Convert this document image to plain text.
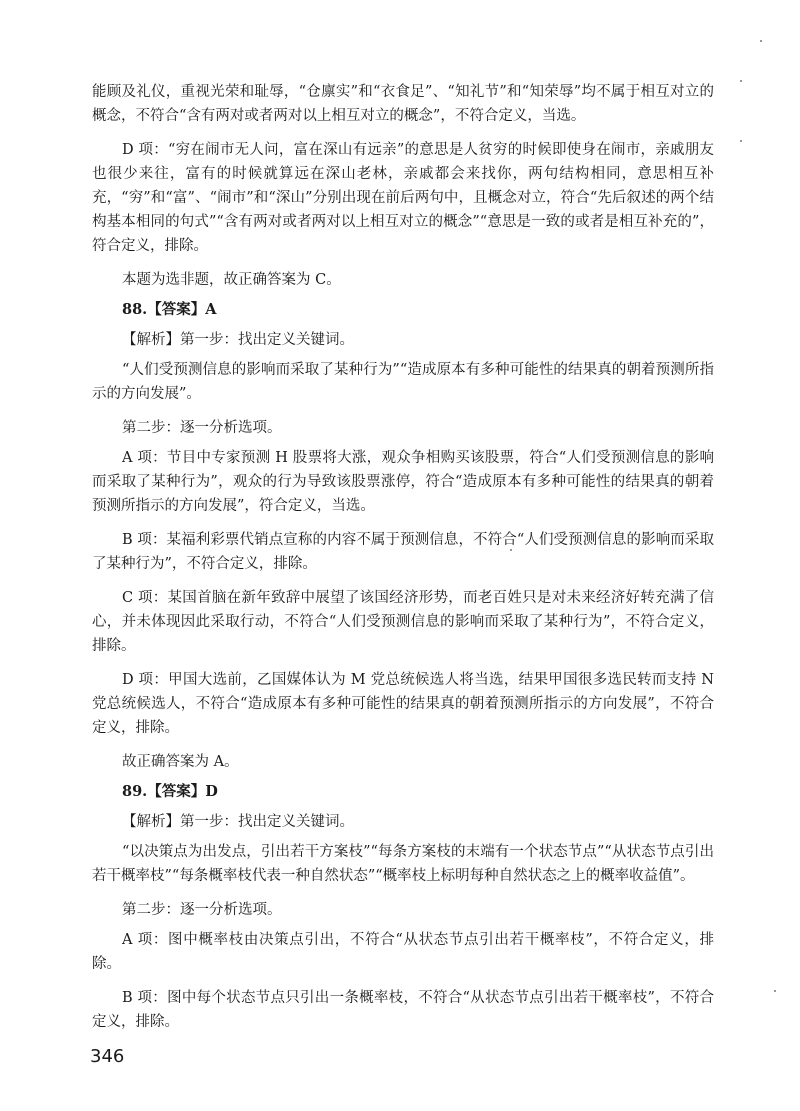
能顾及礼仪，重视光荣和耻辱，“仓廪实”和“衣食足”、“知礼节”和“知荣辱”均不属于相互对立的概念，不符合“含有两对或者两对以上相互对立的概念”，不符合定义，当选。

D 项：“穷在闹市无人问，富在深山有远亲”的意思是人贫穷的时候即使身在闹市，亲戚朋友也很少来往，富有的时候就算远在深山老林，亲戚都会来找你，两句结构相同，意思相互补充，“穷”和“富”、“闹市”和“深山”分别出现在前后两句中，且概念对立，符合“先后叙述的两个结构基本相同的句式”“含有两对或者两对以上相互对立的概念”“意思是一致的或者是相互补充的”，符合定义，排除。

本题为选非题，故正确答案为 C。

88.【答案】A

【解析】第一步：找出定义关键词。

“人们受预测信息的影响而采取了某种行为”“造成原本有多种可能性的结果真的朝着预测所指示的方向发展”。

第二步：逐一分析选项。

A 项：节目中专家预测 H 股票将大涨，观众争相购买该股票，符合“人们受预测信息的影响而采取了某种行为”，观众的行为导致该股票涨停，符合“造成原本有多种可能性的结果真的朝着预测所指示的方向发展”，符合定义，当选。

B 项：某福利彩票代销点宣称的内容不属于预测信息，不符合“人们受预测信息的影响而采取了某种行为”，不符合定义，排除。

C 项：某国首脑在新年致辞中展望了该国经济形势，而老百姓只是对未来经济好转充满了信心，并未体现因此采取行动，不符合“人们受预测信息的影响而采取了某种行为”，不符合定义，排除。

D 项：甲国大选前，乙国媒体认为 M 党总统候选人将当选，结果甲国很多选民转而支持 N 党总统候选人，不符合“造成原本有多种可能性的结果真的朝着预测所指示的方向发展”，不符合定义，排除。

故正确答案为 A。

89.【答案】D

【解析】第一步：找出定义关键词。

“以决策点为出发点，引出若干方案枝”“每条方案枝的末端有一个状态节点”“从状态节点引出若干概率枝”“每条概率枝代表一种自然状态”“概率枝上标明每种自然状态之上的概率收益值”。

第二步：逐一分析选项。

A 项：图中概率枝由决策点引出，不符合“从状态节点引出若干概率枝”，不符合定义，排除。

B 项：图中每个状态节点只引出一条概率枝，不符合“从状态节点引出若干概率枝”，不符合定义，排除。

346
